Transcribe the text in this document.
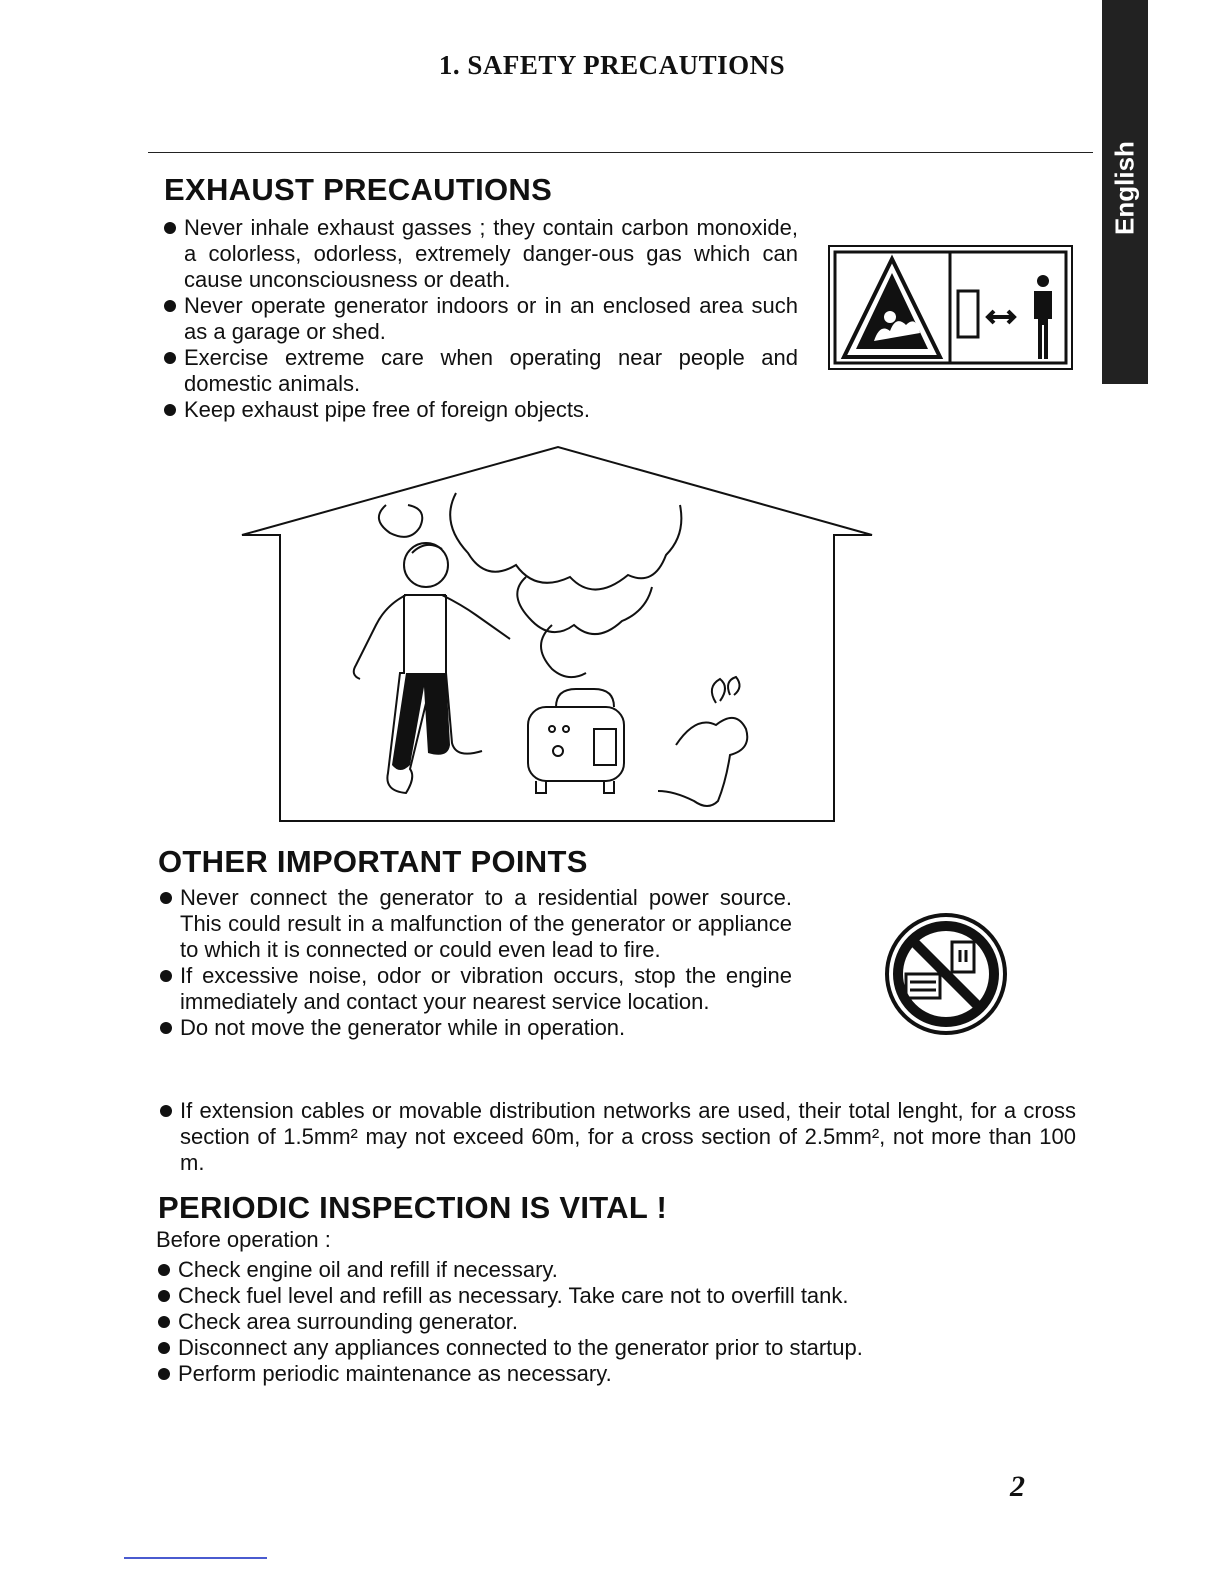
1. SAFETY PRECAUTIONS
English
EXHAUST PRECAUTIONS
Never inhale exhaust gasses ; they contain carbon monoxide, a colorless, odorless, extremely danger-ous gas which can cause unconsciousness or death.
Never operate generator indoors or in an enclosed area such as a garage or shed.
Exercise extreme care when operating near people and domestic animals.
Keep exhaust pipe free of foreign objects.
OTHER IMPORTANT POINTS
Never connect the generator to a residential power source. This could result in a malfunction of the generator or appliance to which it is connected or could even lead to fire.
If excessive noise, odor or vibration occurs, stop the engine immediately and contact your nearest service location.
Do not move the generator while in operation.
If extension cables or movable distribution networks are used, their total lenght, for a cross section of 1.5mm² may not exceed 60m, for a cross section of 2.5mm², not more than 100 m.
PERIODIC INSPECTION IS VITAL !
Before operation :
Check engine oil and refill if necessary.
Check fuel level and refill as necessary. Take care not to overfill tank.
Check area surrounding generator.
Disconnect any appliances connected to the generator prior to startup.
Perform periodic maintenance as necessary.
2
